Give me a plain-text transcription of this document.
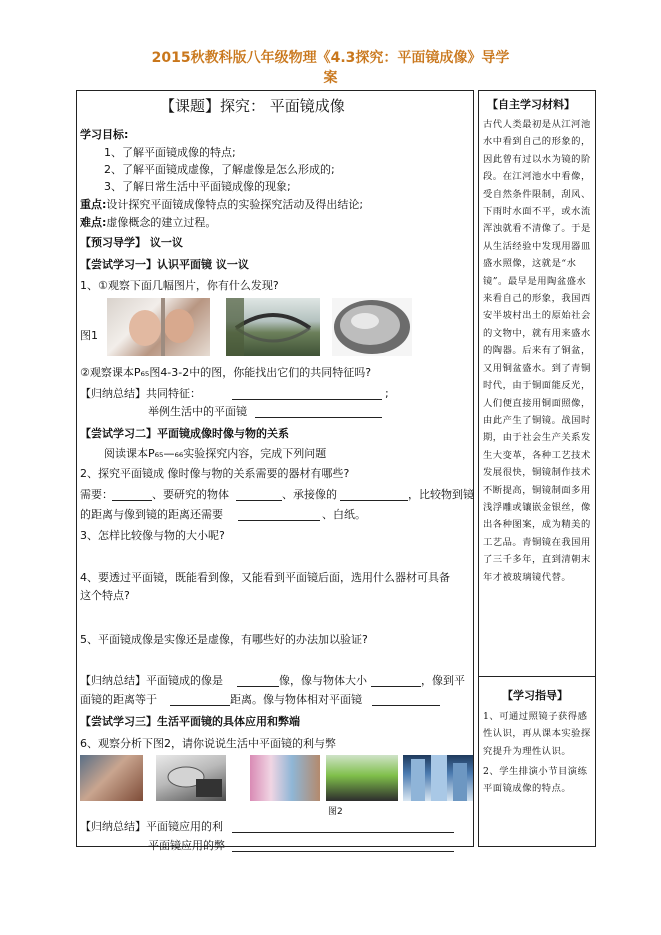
2015秋教科版八年级物理《4.3探究：平面镜成像》导学
案
【课题】探究： 平面镜成像
学习目标:
1、了解平面镜成像的特点;
2、了解平面镜成虚像，了解虚像是怎么形成的;
3、了解日常生活中平面镜成像的现象;
重点:设计探究平面镜成像特点的实验探究活动及得出结论;
难点:虚像概念的建立过程。
【预习导学】 议一议
【尝试学习一】认识平面镜 议一议
1、①观察下面几幅图片，你有什么发现?
图1
②观察课本P₆₅图4-3-2中的图，你能找出它们的共同特征吗?
【归纳总结】共同特征：	;
举例生活中的平面镜
【尝试学习二】平面镜成像时像与物的关系
阅读课本P₆₅—₆₆实验探究内容，完成下列问题
2、探究平面镜成 像时像与物的关系需要的器材有哪些?
需要：	、要研究的物体	、承接像的	，比较物到镜
的距离与像到镜的距离还需要	、白纸。
3、怎样比较像与物的大小呢?
4、要透过平面镜，既能看到像，又能看到平面镜后面，选用什么器材可具备
这个特点?
5、平面镜成像是实像还是虚像，有哪些好的办法加以验证?
【归纳总结】平面镜成的像是	像，像与物体大小	，像到平
面镜的距离等于	距离。像与物体相对平面镜
【尝试学习三】生活平面镜的具体应用和弊端
6、观察分析下图2，请你说说生活中平面镜的利与弊
图2
【归纳总结】平面镜应用的利
平面镜应用的弊
【自主学习材料】
古代人类最初是从江河池水中看到自己的形象的，因此曾有过以水为镜的阶段。在江河池水中看像，受自然条件限制，刮风、下雨时水面不平，或水流浑浊就看不清像了。于是从生活经验中发现用器皿盛水照像，这就是“水镜”。最早是用陶盆盛水来看自己的形象，我国西安半坡村出土的原始社会的文物中，就有用来盛水的陶器。后来有了铜盆，又用铜盆盛水。到了青铜时代，由于铜面能反光，人们便直接用铜面照像，由此产生了铜镜。战国时期，由于社会生产关系发生大变革，各种工艺技术发展很快，铜镜制作技术不断提高，铜镜制面多用浅浮雕或镶嵌金银丝，像出各种图案，成为精美的工艺品。青铜镜在我国用了三千多年，直到清朝末年才被玻璃镜代替。
【学习指导】
1、可通过照镜子获得感性认识，再从课本实验探究提升为理性认识。
2、学生排演小节目演练平面镜成像的特点。
